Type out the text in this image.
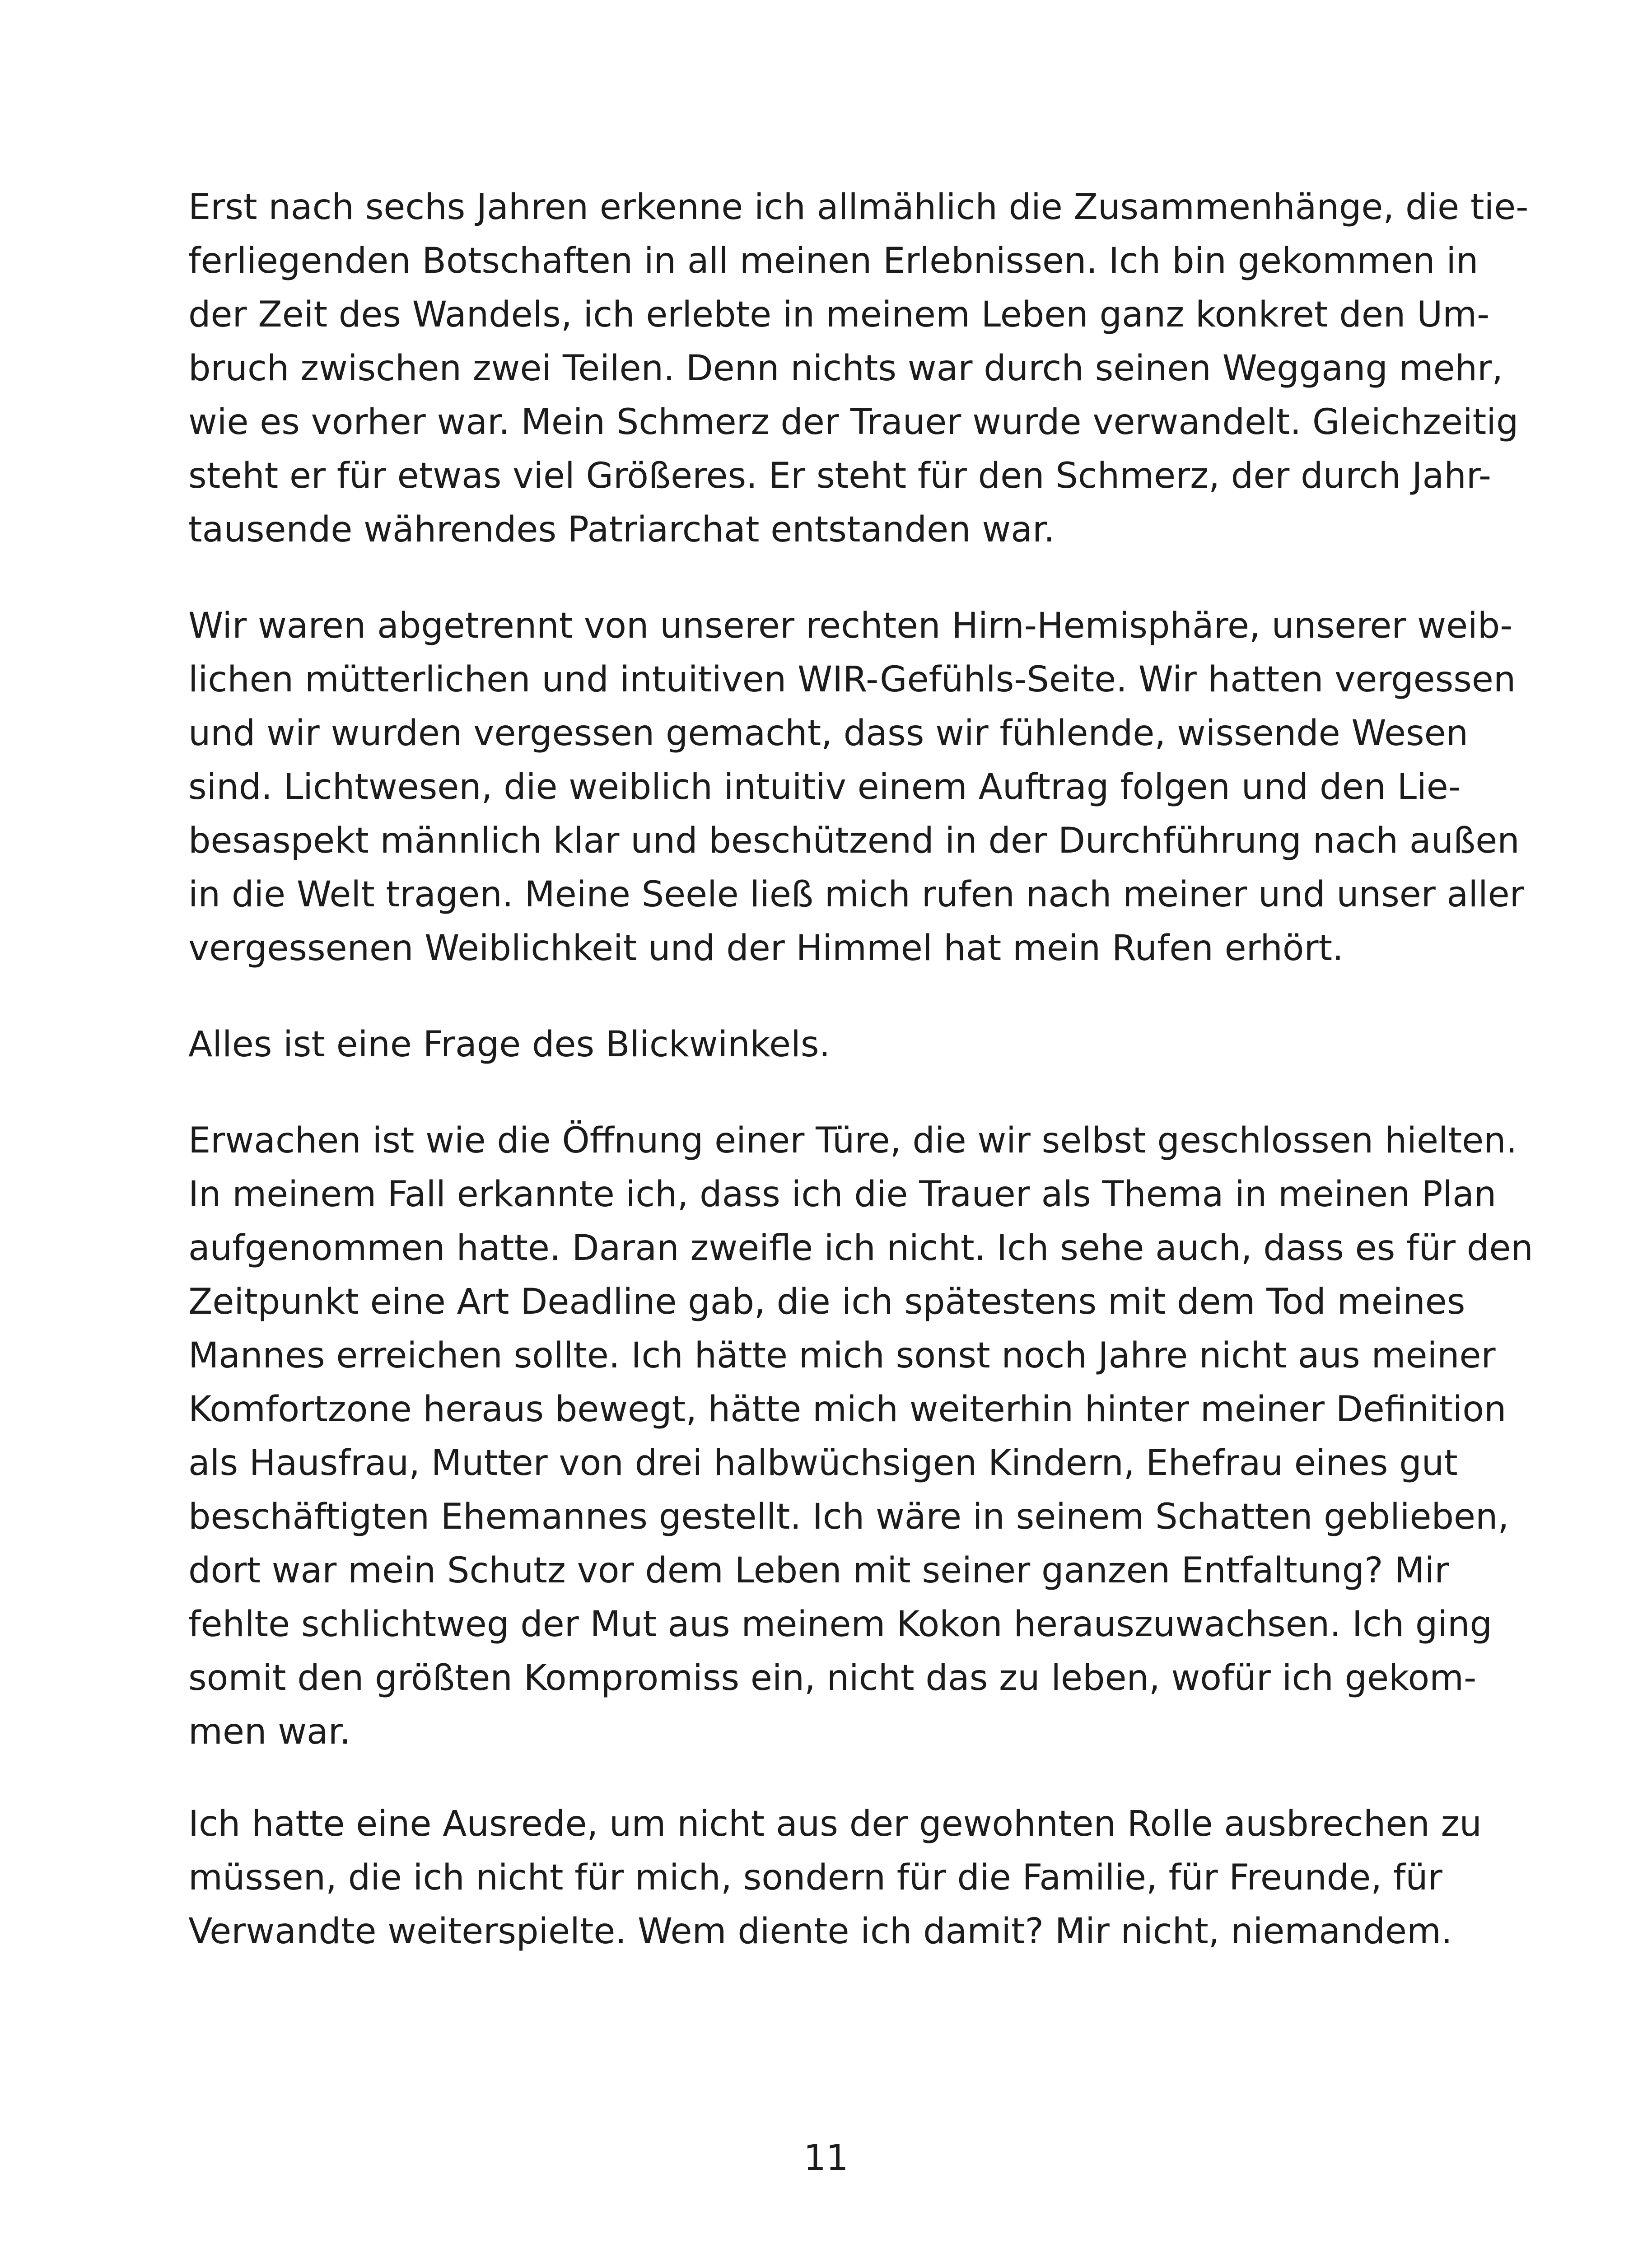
Erst nach sechs Jahren erkenne ich allmählich die Zusammenhänge, die tie-
ferliegenden Botschaften in all meinen Erlebnissen. Ich bin gekommen in
der Zeit des Wandels, ich erlebte in meinem Leben ganz konkret den Um-
bruch zwischen zwei Teilen. Denn nichts war durch seinen Weggang mehr,
wie es vorher war. Mein Schmerz der Trauer wurde verwandelt. Gleichzeitig
steht er für etwas viel Größeres. Er steht für den Schmerz, der durch Jahr-
tausende währendes Patriarchat entstanden war.

Wir waren abgetrennt von unserer rechten Hirn-Hemisphäre, unserer weib-
lichen mütterlichen und intuitiven WIR-Gefühls-Seite. Wir hatten vergessen
und wir wurden vergessen gemacht, dass wir fühlende, wissende Wesen
sind. Lichtwesen, die weiblich intuitiv einem Auftrag folgen und den Lie-
besaspekt männlich klar und beschützend in der Durchführung nach außen
in die Welt tragen. Meine Seele ließ mich rufen nach meiner und unser aller
vergessenen Weiblichkeit und der Himmel hat mein Rufen erhört.

Alles ist eine Frage des Blickwinkels.

Erwachen ist wie die Öffnung einer Türe, die wir selbst geschlossen hielten.
In meinem Fall erkannte ich, dass ich die Trauer als Thema in meinen Plan
aufgenommen hatte. Daran zweifle ich nicht. Ich sehe auch, dass es für den
Zeitpunkt eine Art Deadline gab, die ich spätestens mit dem Tod meines
Mannes erreichen sollte. Ich hätte mich sonst noch Jahre nicht aus meiner
Komfortzone heraus bewegt, hätte mich weiterhin hinter meiner Definition
als Hausfrau, Mutter von drei halbwüchsigen Kindern, Ehefrau eines gut
beschäftigten Ehemannes gestellt. Ich wäre in seinem Schatten geblieben,
dort war mein Schutz vor dem Leben mit seiner ganzen Entfaltung? Mir
fehlte schlichtweg der Mut aus meinem Kokon herauszuwachsen. Ich ging
somit den größten Kompromiss ein, nicht das zu leben, wofür ich gekom-
men war.

Ich hatte eine Ausrede, um nicht aus der gewohnten Rolle ausbrechen zu
müssen, die ich nicht für mich, sondern für die Familie, für Freunde, für
Verwandte weiterspielte. Wem diente ich damit? Mir nicht, niemandem.

11
